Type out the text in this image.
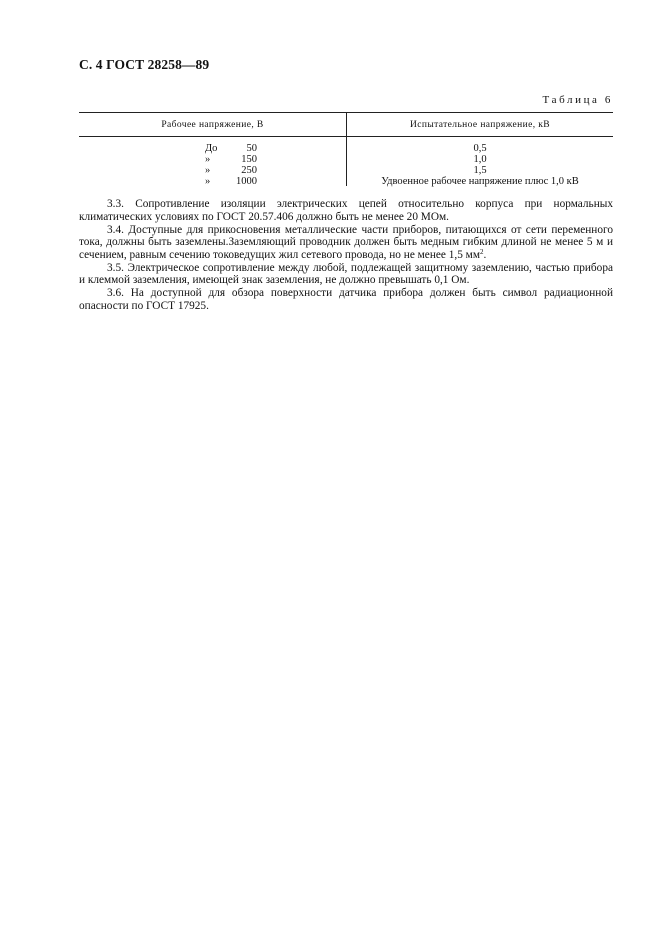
С. 4 ГОСТ 28258—89
Таблица 6
Рабочее напряжение, В	Испытательное напряжение, кВ
До	50	0,5
»	150	1,0
»	250	1,5
» 1000	Удвоенное рабочее напряжение плюс 1,0 кВ

3.3. Сопротивление изоляции электрических цепей относительно корпуса при нормальных климатических условиях по ГОСТ 20.57.406 должно быть не менее 20 МОм.

3.4. Доступные для прикосновения металлические части приборов, питающихся от сети переменного тока, должны быть заземлены.Заземляющий проводник должен быть медным гибким длиной не менее 5 м и сечением, равным сечению токоведущих жил сетевого провода, но не менее 1,5 $мм^2$.

3.5. Электрическое сопротивление между любой, подлежащей защитному заземлению, частью прибора и клеммой заземления, имеющей знак заземления, не должно превышать 0,1 Ом.

3.6. На доступной для обзора поверхности датчика прибора должен быть символ радиационной опасности по ГОСТ 17925.
